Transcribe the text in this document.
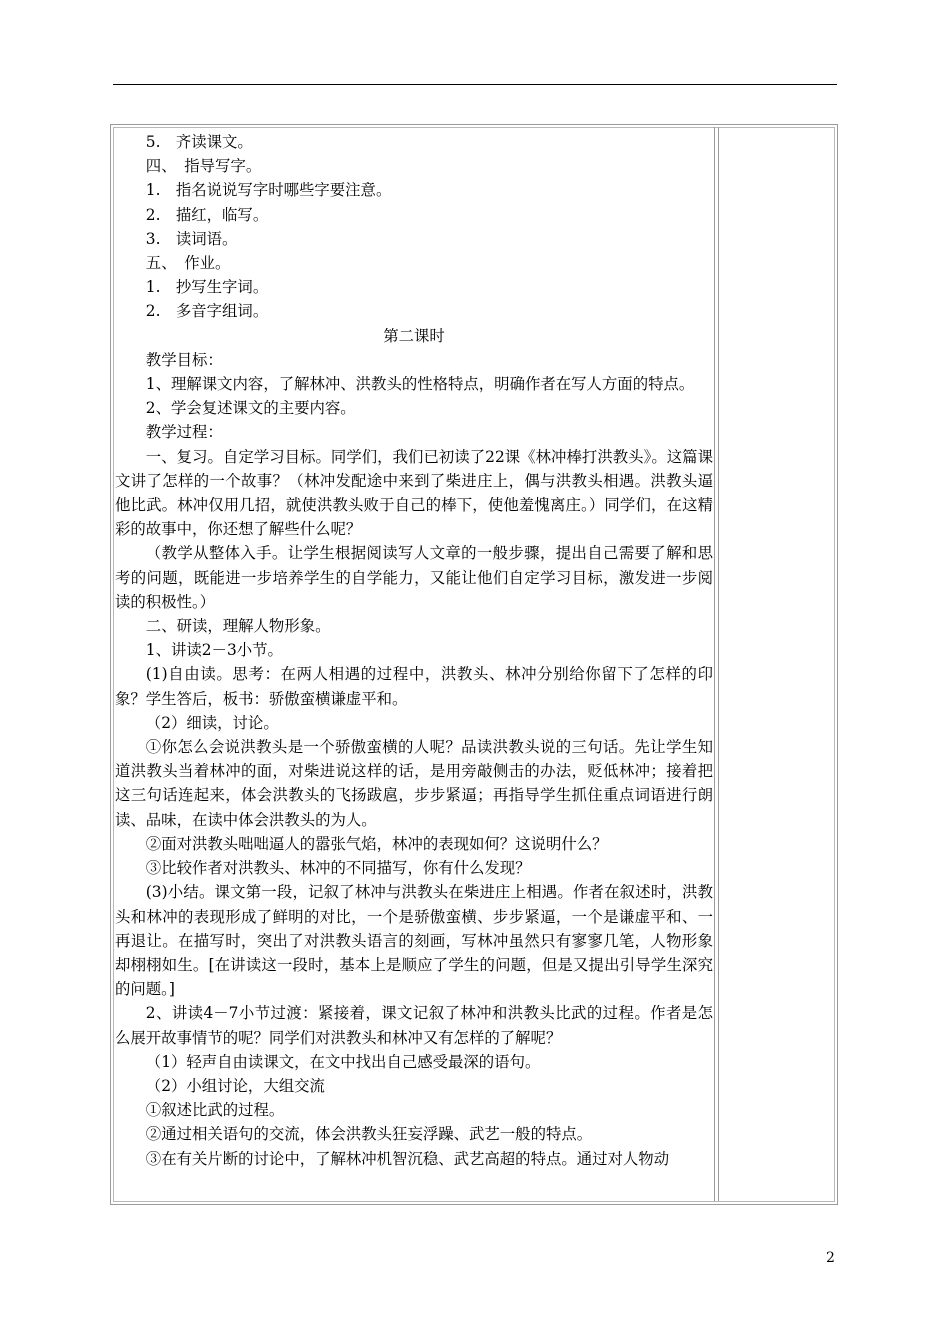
5.　齐读课文。

四、　指导写字。

1.　指名说说写字时哪些字要注意。

2.　描红，临写。

3.　读词语。

五、　作业。

1.　抄写生字词。

2.　多音字组词。

第二课时

教学目标：

1、理解课文内容，了解林冲、洪教头的性格特点，明确作者在写人方面的特点。

2、学会复述课文的主要内容。

教学过程：

一、复习。自定学习目标。同学们，我们已初读了22课《林冲棒打洪教头》。这篇课文讲了怎样的一个故事？（林冲发配途中来到了柴进庄上，偶与洪教头相遇。洪教头逼他比武。林冲仅用几招，就使洪教头败于自己的棒下，使他羞愧离庄。）同学们，在这精彩的故事中，你还想了解些什么呢？

（教学从整体入手。让学生根据阅读写人文章的一般步骤，提出自己需要了解和思考的问题，既能进一步培养学生的自学能力，又能让他们自定学习目标，激发进一步阅读的积极性。）

二、研读，理解人物形象。

1、讲读2－3小节。

(1)自由读。思考：在两人相遇的过程中，洪教头、林冲分别给你留下了怎样的印象？学生答后，板书：骄傲蛮横谦虚平和。

（2）细读，讨论。

①你怎么会说洪教头是一个骄傲蛮横的人呢？品读洪教头说的三句话。先让学生知道洪教头当着林冲的面，对柴进说这样的话，是用旁敲侧击的办法，贬低林冲；接着把这三句话连起来，体会洪教头的飞扬跋扈，步步紧逼；再指导学生抓住重点词语进行朗读、品味，在读中体会洪教头的为人。

②面对洪教头咄咄逼人的嚣张气焰，林冲的表现如何？这说明什么？

③比较作者对洪教头、林冲的不同描写，你有什么发现？

(3)小结。课文第一段，记叙了林冲与洪教头在柴进庄上相遇。作者在叙述时，洪教头和林冲的表现形成了鲜明的对比，一个是骄傲蛮横、步步紧逼，一个是谦虚平和、一再退让。在描写时，突出了对洪教头语言的刻画，写林冲虽然只有寥寥几笔，人物形象却栩栩如生。[在讲读这一段时，基本上是顺应了学生的问题，但是又提出引导学生深究的问题。]

2、讲读4－7小节过渡：紧接着，课文记叙了林冲和洪教头比武的过程。作者是怎么展开故事情节的呢？同学们对洪教头和林冲又有怎样的了解呢？

（1）轻声自由读课文，在文中找出自己感受最深的语句。

（2）小组讨论，大组交流

①叙述比武的过程。

②通过相关语句的交流，体会洪教头狂妄浮躁、武艺一般的特点。

③在有关片断的讨论中，了解林冲机智沉稳、武艺高超的特点。通过对人物动

2
